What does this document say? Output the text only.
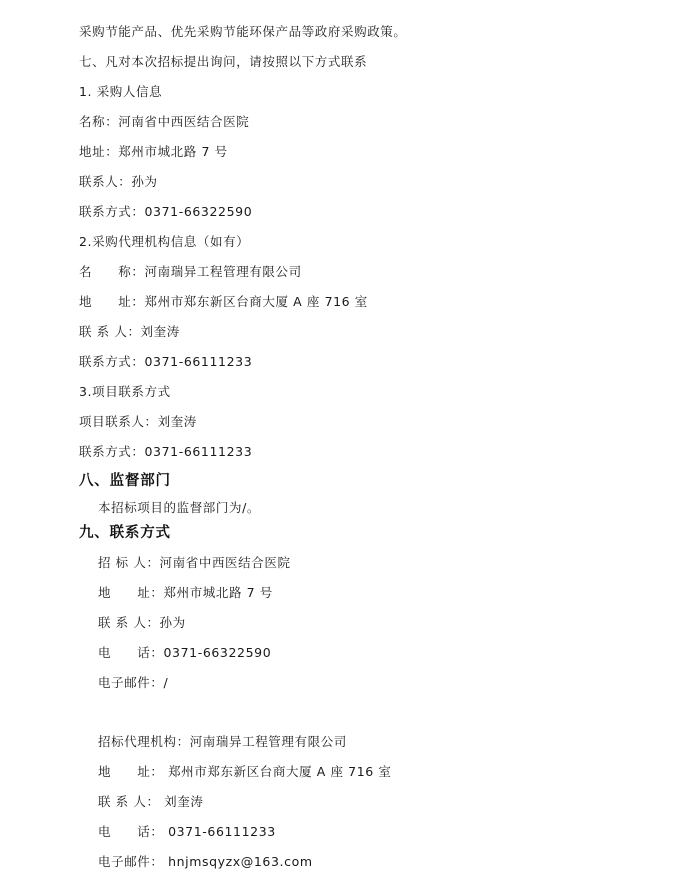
采购节能产品、优先采购节能环保产品等政府采购政策。
七、凡对本次招标提出询问，请按照以下方式联系
1. 采购人信息
名称：河南省中西医结合医院
地址：郑州市城北路 7 号
联系人：孙为
联系方式：0371-66322590
2.采购代理机构信息（如有）
名　　称：河南瑞异工程管理有限公司
地　　址：郑州市郑东新区台商大厦 A 座 716 室
联 系 人：刘奎涛
联系方式：0371-66111233
3.项目联系方式
项目联系人：刘奎涛
联系方式：0371-66111233
八、监督部门
本招标项目的监督部门为/。
九、联系方式
招 标 人：河南省中西医结合医院
地　　址：郑州市城北路 7 号
联 系 人：孙为
电　　话：0371-66322590
电子邮件：/
招标代理机构：河南瑞异工程管理有限公司
地　　址： 郑州市郑东新区台商大厦 A 座 716 室
联 系 人： 刘奎涛
电　　话： 0371-66111233
电子邮件： hnjmsqyzx@163.com
